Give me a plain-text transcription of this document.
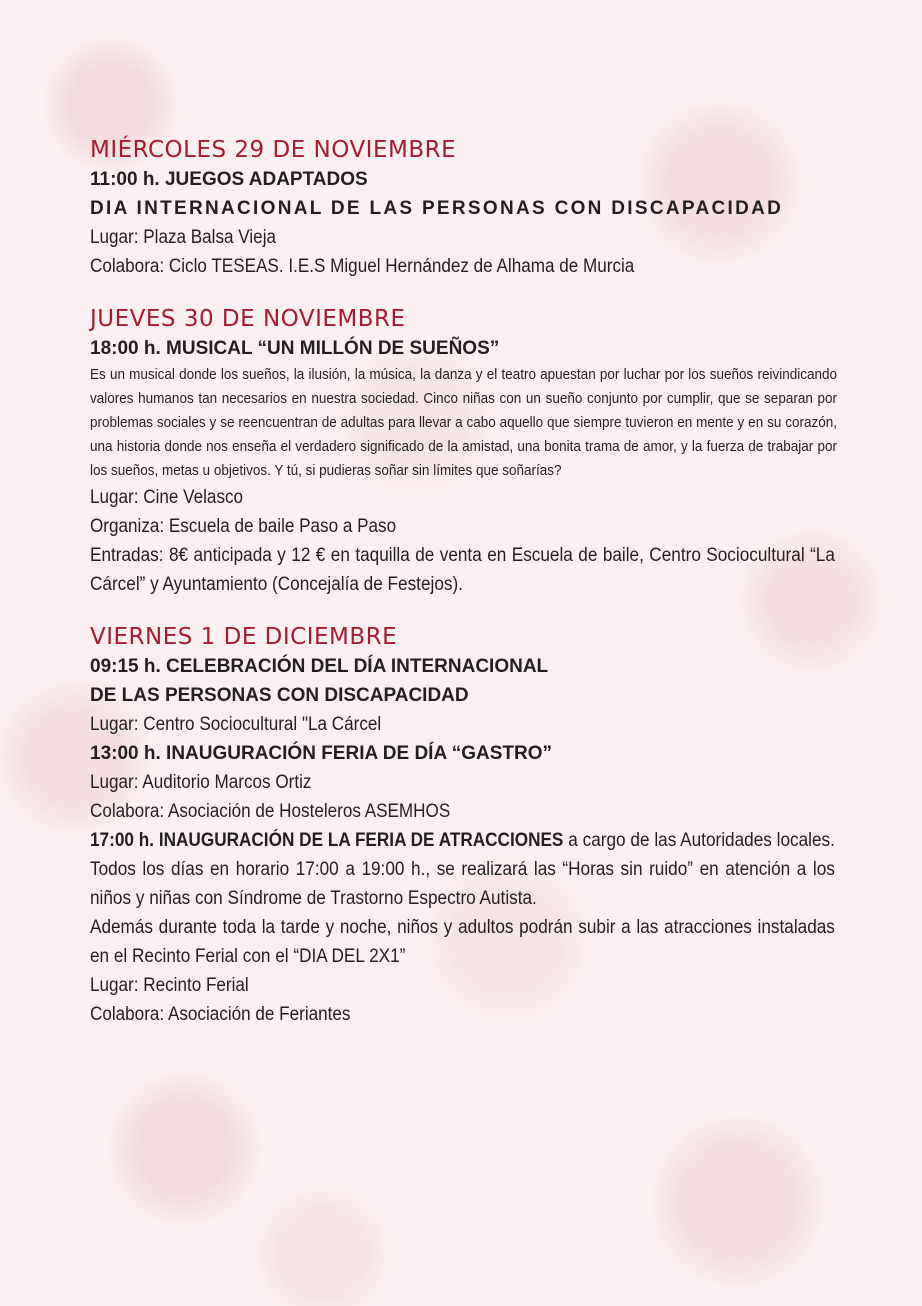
MIÉRCOLES 29 DE NOVIEMBRE
11:00 h. JUEGOS ADAPTADOS
DIA INTERNACIONAL DE LAS PERSONAS CON DISCAPACIDAD
Lugar: Plaza Balsa Vieja
Colabora: Ciclo TESEAS. I.E.S Miguel Hernández de Alhama de Murcia
JUEVES 30 DE NOVIEMBRE
18:00 h. MUSICAL “UN MILLÓN DE SUEÑOS”
Es un musical donde los sueños, la ilusión, la música, la danza y el teatro apuestan por luchar por los sueños reivindicando valores humanos tan necesarios en nuestra sociedad. Cinco niñas con un sueño conjunto por cumplir, que se separan por problemas sociales y se reencuentran de adultas para llevar a cabo aquello que siempre tuvieron en mente y en su corazón, una historia donde nos enseña el verdadero significado de la amistad, una bonita trama de amor, y la fuerza de trabajar por los sueños, metas u objetivos. Y tú, si pudieras soñar sin límites que soñarías?
Lugar: Cine Velasco
Organiza: Escuela de baile Paso a Paso
Entradas: 8€ anticipada y 12 € en taquilla de venta en Escuela de baile, Centro Sociocultural “La Cárcel” y Ayuntamiento (Concejalía de Festejos).
VIERNES 1 DE DICIEMBRE
09:15 h. CELEBRACIÓN DEL DÍA INTERNACIONAL
DE LAS PERSONAS CON DISCAPACIDAD
Lugar: Centro Sociocultural "La Cárcel
13:00 h. INAUGURACIÓN FERIA DE DÍA “GASTRO”
Lugar: Auditorio Marcos Ortiz
Colabora: Asociación de Hosteleros ASEMHOS
17:00 h. INAUGURACIÓN DE LA FERIA DE ATRACCIONES a cargo de las Autoridades locales. Todos los días en horario 17:00 a 19:00 h., se realizará las “Horas sin ruido” en atención a los niños y niñas con Síndrome de Trastorno Espectro Autista.
Además durante toda la tarde y noche, niños y adultos podrán subir a las atracciones instaladas en el Recinto Ferial con el “DIA DEL 2X1”
Lugar: Recinto Ferial
Colabora: Asociación de Feriantes
